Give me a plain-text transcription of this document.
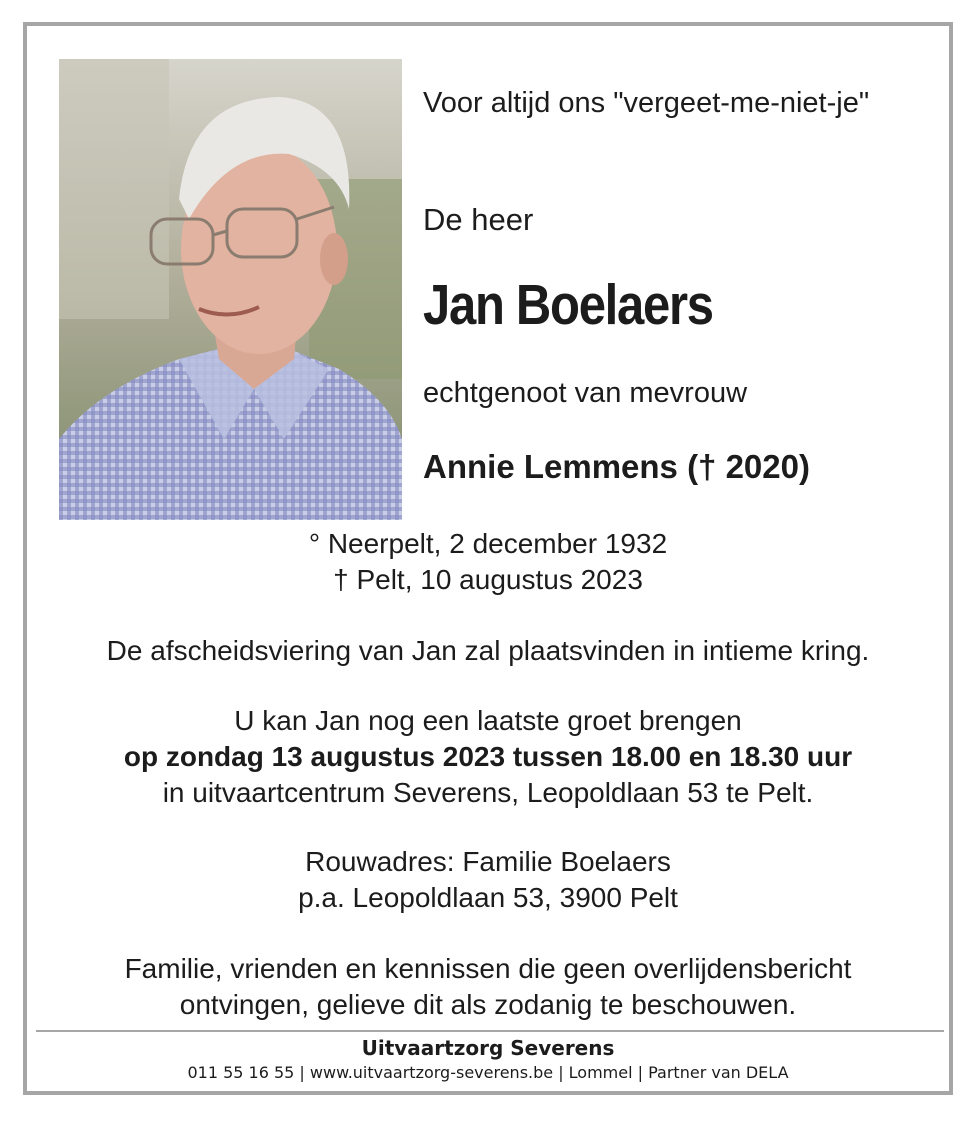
Voor altijd ons "vergeet-me-niet-je"
De heer
Jan Boelaers
echtgenoot van mevrouw
Annie Lemmens († 2020)
° Neerpelt, 2 december 1932
† Pelt, 10 augustus 2023
De afscheidsviering van Jan zal plaatsvinden in intieme kring.
U kan Jan nog een laatste groet brengen
op zondag 13 augustus 2023 tussen 18.00 en 18.30 uur
in uitvaartcentrum Severens, Leopoldlaan 53 te Pelt.
Rouwadres: Familie Boelaers
p.a. Leopoldlaan 53, 3900 Pelt
Familie, vrienden en kennissen die geen overlijdensbericht
ontvingen, gelieve dit als zodanig te beschouwen.
Uitvaartzorg Severens
011 55 16 55 | www.uitvaartzorg-severens.be | Lommel | Partner van DELA
